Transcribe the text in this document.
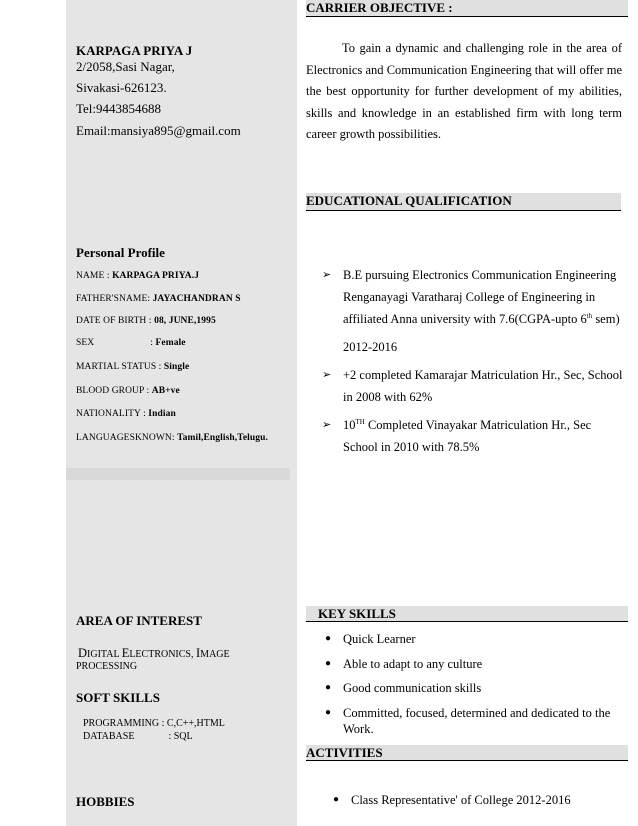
KARPAGA PRIYA J
2/2058,Sasi Nagar,
Sivakasi-626123.
Tel:9443854688
Email:mansiya895@gmail.com
Personal Profile
NAME : KARPAGA PRIYA.J
FATHER'SNAME: JAYACHANDRAN S
DATE OF BIRTH : 08, JUNE,1995
SEX	: Female
MARTIAL STATUS : Single
BLOOD GROUP : AB+ve
NATIONALITY : Indian
LANGUAGESKNOWN: Tamil,English,Telugu.
AREA OF INTEREST
DIGITAL ELECTRONICS, IMAGE
PROCESSING
SOFT SKILLS
PROGRAMMING : C,C++,HTML
DATABASE	: SQL
HOBBIES
CARRIER OBJECTIVE :
To gain a dynamic and challenging role in the area of Electronics and Communication Engineering that will offer me the best opportunity for further development of my abilities, skills and knowledge in an established firm with long term career growth possibilities.
EDUCATIONAL QUALIFICATION
➢ B.E pursuing Electronics Communication Engineering
Renganayagi Varatharaj College of Engineering in
affiliated Anna university with 7.6(CGPA-upto 6th sem)
2012-2016
➢ +2 completed Kamarajar Matriculation Hr., Sec, School
in 2008 with 62%
➢ 10TH Completed Vinayakar Matriculation Hr., Sec
School in 2010 with 78.5%
KEY SKILLS
● Quick Learner
● Able to adapt to any culture
● Good communication skills
● Committed, focused, determined and dedicated to the Work.
ACTIVITIES
● Class Representative' of College 2012-2016
